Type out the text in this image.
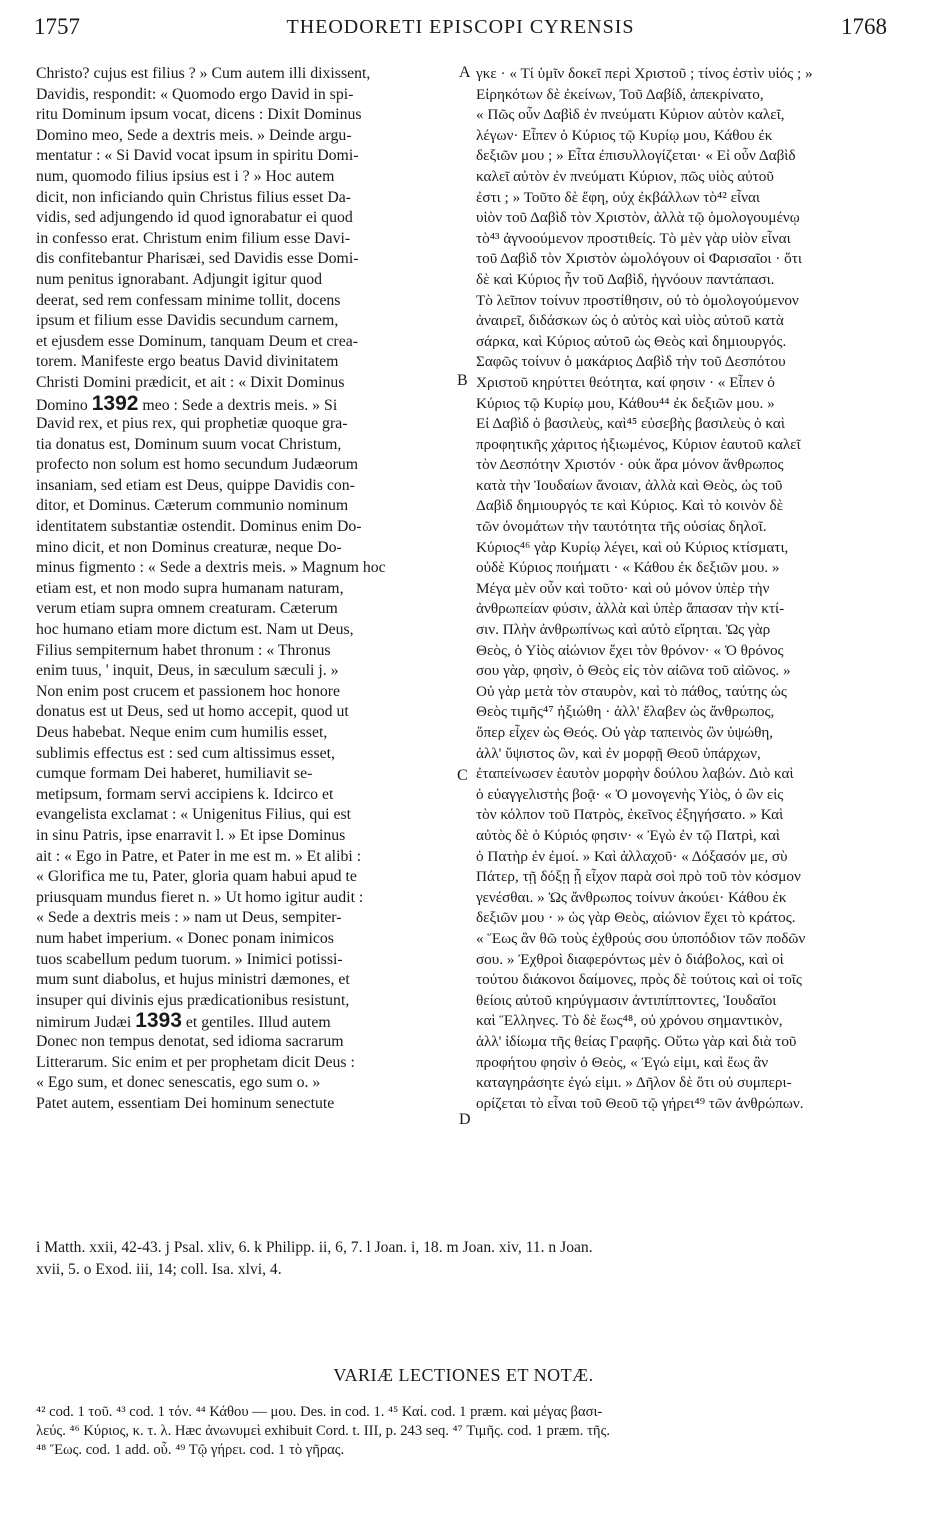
1757	THEODORETI EPISCOPI CYRENSIS	1768
Christo? cujus est filius ? » Cum autem illi dixissent,
Davidis, respondit: « Quomodo ergo David in spi-
ritu Dominum ipsum vocat, dicens : Dixit Dominus
Domino meo, Sede a dextris meis. » Deinde argu-
mentatur : « Si David vocat ipsum in spiritu Domi-
num, quomodo filius ipsius est i ? » Hoc autem
dicit, non inficiando quin Christus filius esset Da-
vidis, sed adjungendo id quod ignorabatur ei quod
in confesso erat. Christum enim filium esse Davi-
dis confitebantur Pharisæi, sed Davidis esse Domi-
num penitus ignorabant. Adjungit igitur quod
deerat, sed rem confessam minime tollit, docens
ipsum et filium esse Davidis secundum carnem,
et ejusdem esse Dominum, tanquam Deum et crea-
torem. Manifeste ergo beatus David divinitatem
Christi Domini prædicit, et ait : « Dixit Dominus
Domino 1392 meo : Sede a dextris meis. » Si
David rex, et pius rex, qui prophetiæ quoque gra-
tia donatus est, Dominum suum vocat Christum,
profecto non solum est homo secundum Judæorum
insaniam, sed etiam est Deus, quippe Davidis con-
ditor, et Dominus. Cæterum communio nominum
identitatem substantiæ ostendit. Dominus enim Do-
mino dicit, et non Dominus creaturæ, neque Do-
minus figmento : « Sede a dextris meis. » Magnum hoc
etiam est, et non modo supra humanam naturam,
verum etiam supra omnem creaturam. Cæterum
hoc humano etiam more dictum est. Nam ut Deus,
Filius sempiternum habet thronum : « Thronus
enim tuus, ' inquit, Deus, in sæculum sæculi j. »
Non enim post crucem et passionem hoc honore
donatus est ut Deus, sed ut homo accepit, quod ut
Deus habebat. Neque enim cum humilis esset,
sublimis effectus est : sed cum altissimus esset,
cumque formam Dei haberet, humiliavit se-
metipsum, formam servi accipiens k. Idcirco et
evangelista exclamat : « Unigenitus Filius, qui est
in sinu Patris, ipse enarravit l. » Et ipse Dominus
ait : « Ego in Patre, et Pater in me est m. » Et alibi :
« Glorifica me tu, Pater, gloria quam habui apud te
priusquam mundus fieret n. » Ut homo igitur audit :
« Sede a dextris meis : » nam ut Deus, sempiter-
num habet imperium. « Donec ponam inimicos
tuos scabellum pedum tuorum. » Inimici potissi-
mum sunt diabolus, et hujus ministri dæmones, et
insuper qui divinis ejus prædicationibus resistunt,
nimirum Judæi 1393 et gentiles. Illud autem
Donec non tempus denotat, sed idioma sacrarum
Litterarum. Sic enim et per prophetam dicit Deus :
« Ego sum, et donec senescatis, ego sum o. »
Patet autem, essentiam Dei hominum senectute
γκε · « Τί ὑμῖν δοκεῖ περὶ Χριστοῦ ; τίνος ἐστὶν υἱός ; »
Εἰρηκότων δὲ ἐκείνων, Τοῦ Δαβίδ, ἀπεκρίνατο,
« Πῶς οὖν Δαβὶδ ἐν πνεύματι Κύριον αὐτὸν καλεῖ,
λέγων· Εἶπεν ὁ Κύριος τῷ Κυρίῳ μου, Κάθου ἐκ
δεξιῶν μου ; » Εἶτα ἐπισυλλογίζεται· « Εἰ οὖν Δαβὶδ
καλεῖ αὐτὸν ἐν πνεύματι Κύριον, πῶς υἱὸς αὐτοῦ
ἐστι ; » Τοῦτο δὲ ἔφη, οὐχ ἐκβάλλων τὸ⁴² εἶναι
υἱὸν τοῦ Δαβὶδ τὸν Χριστὸν, ἀλλὰ τῷ ὁμολογουμένῳ
τὸ⁴³ ἀγνοούμενον προστιθείς. Τὸ μὲν γὰρ υἱὸν εἶναι
τοῦ Δαβὶδ τὸν Χριστὸν ὡμολόγουν οἱ Φαρισαῖοι · ὅτι
δὲ καὶ Κύριος ἦν τοῦ Δαβὶδ, ἠγνόουν παντάπασι.
Τὸ λεῖπον τοίνυν προστίθησιν, οὐ τὸ ὁμολογούμενον
ἀναιρεῖ, διδάσκων ὡς ὁ αὐτὸς καὶ υἱὸς αὐτοῦ κατὰ
σάρκα, καὶ Κύριος αὐτοῦ ὡς Θεὸς καὶ δημιουργός.
Σαφῶς τοίνυν ὁ μακάριος Δαβὶδ τὴν τοῦ Δεσπότου
Χριστοῦ κηρύττει θεότητα, καί φησιν · « Εἶπεν ὁ
Κύριος τῷ Κυρίῳ μου, Κάθου⁴⁴ ἐκ δεξιῶν μου. »
Εἰ Δαβὶδ ὁ βασιλεὺς, καὶ⁴⁵ εὐσεβὴς βασιλεὺς ὁ καὶ
προφητικῆς χάριτος ἠξιωμένος, Κύριον ἑαυτοῦ καλεῖ
τὸν Δεσπότην Χριστόν · οὐκ ἄρα μόνον ἄνθρωπος
κατὰ τὴν Ἰουδαίων ἄνοιαν, ἀλλὰ καὶ Θεὸς, ὡς τοῦ
Δαβὶδ δημιουργός τε καὶ Κύριος. Καὶ τὸ κοινὸν δὲ
τῶν ὀνομάτων τὴν ταυτότητα τῆς οὐσίας δηλοῖ.
Κύριος⁴⁶ γὰρ Κυρίῳ λέγει, καὶ οὐ Κύριος κτίσματι,
οὐδὲ Κύριος ποιήματι · « Κάθου ἐκ δεξιῶν μου. »
Μέγα μὲν οὖν καὶ τοῦτο· καὶ οὐ μόνον ὑπὲρ τὴν
ἀνθρωπείαν φύσιν, ἀλλὰ καὶ ὑπὲρ ἅπασαν τὴν κτί-
σιν. Πλὴν ἀνθρωπίνως καὶ αὐτὸ εἴρηται. Ὡς γὰρ
Θεὸς, ὁ Υἱὸς αἰώνιον ἔχει τὸν θρόνον· « Ὁ θρόνος
σου γὰρ, φησὶν, ὁ Θεὸς εἰς τὸν αἰῶνα τοῦ αἰῶνος. »
Οὐ γὰρ μετὰ τὸν σταυρὸν, καὶ τὸ πάθος, ταύτης ὡς
Θεὸς τιμῆς⁴⁷ ἠξιώθη · ἀλλ' ἔλαβεν ὡς ἄνθρωπος,
ὅπερ εἶχεν ὡς Θεός. Οὐ γὰρ ταπεινὸς ὢν ὑψώθη,
ἀλλ' ὕψιστος ὢν, καὶ ἐν μορφῇ Θεοῦ ὑπάρχων,
ἐταπείνωσεν ἑαυτὸν μορφὴν δούλου λαβών. Διὸ καὶ
ὁ εὐαγγελιστὴς βοᾷ· « Ὁ μονογενὴς Υἱὸς, ὁ ὢν εἰς
τὸν κόλπον τοῦ Πατρὸς, ἐκεῖνος ἐξηγήσατο. » Καὶ
αὐτὸς δὲ ὁ Κύριός φησιν· « Ἐγὼ ἐν τῷ Πατρὶ, καὶ
ὁ Πατὴρ ἐν ἐμοί. » Καὶ ἀλλαχοῦ· « Δόξασόν με, σὺ
Πάτερ, τῇ δόξῃ ᾗ εἶχον παρὰ σοὶ πρὸ τοῦ τὸν κόσμον
γενέσθαι. » Ὡς ἄνθρωπος τοίνυν ἀκούει· Κάθου ἐκ
δεξιῶν μου · » ὡς γὰρ Θεὸς, αἰώνιον ἔχει τὸ κράτος.
« Ἕως ἂν θῶ τοὺς ἐχθρούς σου ὑποπόδιον τῶν ποδῶν
σου. » Ἐχθροὶ διαφερόντως μὲν ὁ διάβολος, καὶ οἱ
τούτου διάκονοι δαίμονες, πρὸς δὲ τούτοις καὶ οἱ τοῖς
θείοις αὐτοῦ κηρύγμασιν ἀντιπίπτοντες, Ἰουδαῖοι
καὶ Ἕλληνες. Τὸ δὲ ἕως⁴⁸, οὐ χρόνου σημαντικὸν,
ἀλλ' ἰδίωμα τῆς θείας Γραφῆς. Οὕτω γὰρ καὶ διὰ τοῦ
προφήτου φησὶν ὁ Θεὸς, « Ἐγώ εἰμι, καὶ ἕως ἂν
καταγηράσητε ἐγώ εἰμι. » Δῆλον δὲ ὅτι οὐ συμπερι-
ορίζεται τὸ εἶναι τοῦ Θεοῦ τῷ γήρει⁴⁹ τῶν ἀνθρώπων.
A
B
C
D
i Matth. xxii, 42-43. j Psal. xliv, 6. k Philipp. ii, 6, 7. l Joan. i, 18. m Joan. xiv, 11. n Joan.
xvii, 5. o Exod. iii, 14; coll. Isa. xlvi, 4.
VARIÆ LECTIONES ET NOTÆ.
⁴² cod. 1 τοῦ. ⁴³ cod. 1 τόν. ⁴⁴ Κάθου — μου. Des. in cod. 1. ⁴⁵ Καί. cod. 1 præm. καὶ μέγας βασι-
λεύς. ⁴⁶ Κύριος, κ. τ. λ. Hæc ἀνωνυμεὶ exhibuit Cord. t. III, p. 243 seq. ⁴⁷ Τιμῆς. cod. 1 præm. τῆς.
⁴⁸ Ἕως. cod. 1 add. οὗ. ⁴⁹ Τῷ γήρει. cod. 1 τὸ γῆρας.
